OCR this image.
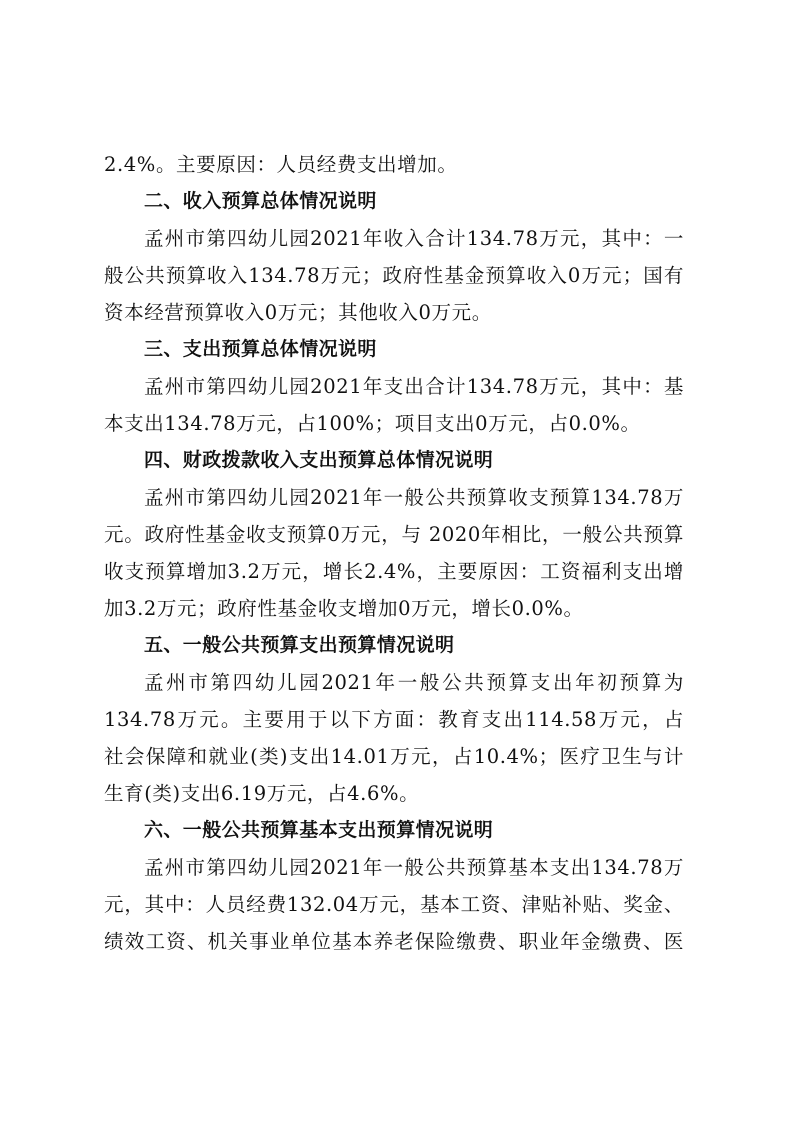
2.4%。主要原因：人员经费支出增加。
二、收入预算总体情况说明
孟州市第四幼儿园2021年收入合计134.78万元，其中：一
般公共预算收入134.78万元；政府性基金预算收入0万元；国有
资本经营预算收入0万元；其他收入0万元。
三、支出预算总体情况说明
孟州市第四幼儿园2021年支出合计134.78万元，其中：基
本支出134.78万元，占100%；项目支出0万元，占0.0%。
四、财政拨款收入支出预算总体情况说明
孟州市第四幼儿园2021年一般公共预算收支预算134.78万
元。政府性基金收支预算0万元，与 2020年相比，一般公共预算
收支预算增加3.2万元，增长2.4%，主要原因：工资福利支出增
加3.2万元；政府性基金收支增加0万元，增长0.0%。
五、一般公共预算支出预算情况说明
孟州市第四幼儿园2021年一般公共预算支出年初预算为
134.78万元。主要用于以下方面：教育支出114.58万元，占
社会保障和就业(类)支出14.01万元，占10.4%；医疗卫生与计
生育(类)支出6.19万元，占4.6%。
六、一般公共预算基本支出预算情况说明
孟州市第四幼儿园2021年一般公共预算基本支出134.78万
元，其中：人员经费132.04万元，基本工资、津贴补贴、奖金、
绩效工资、机关事业单位基本养老保险缴费、职业年金缴费、医
